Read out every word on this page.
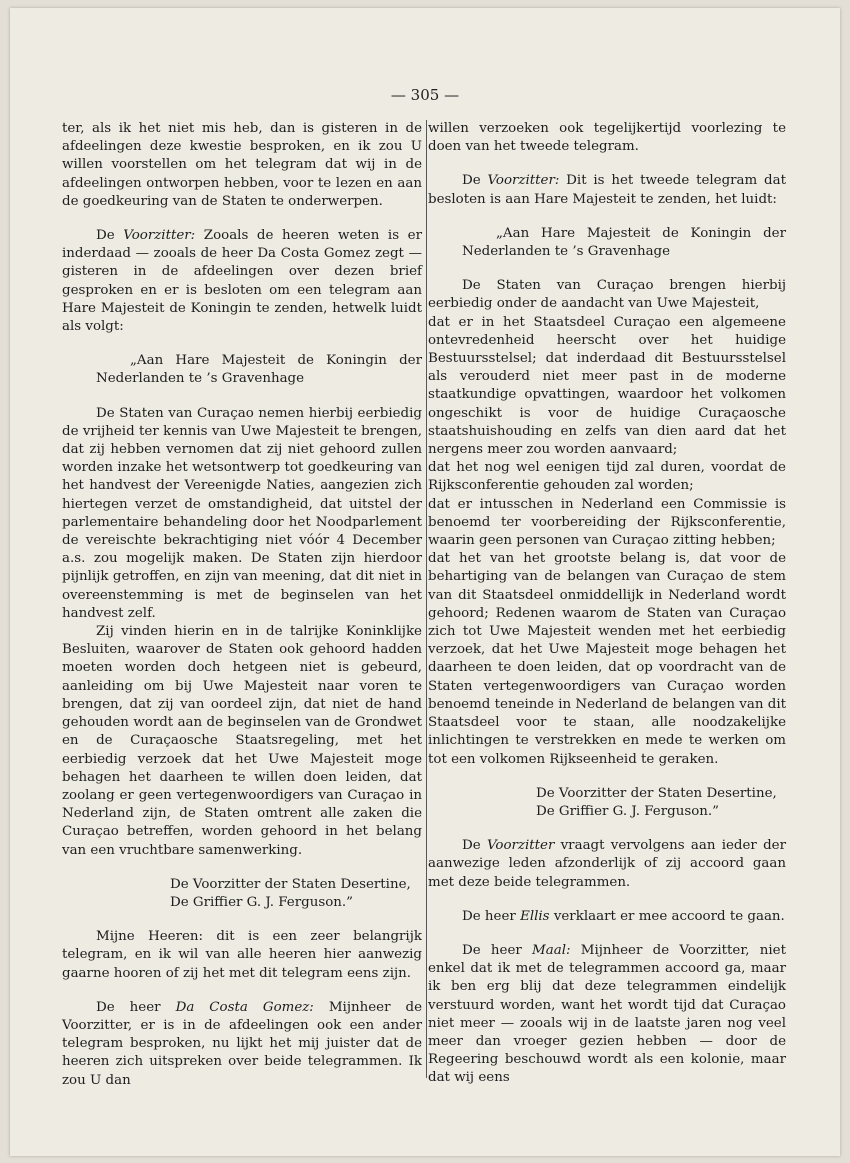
— 305 —

ter, als ik het niet mis heb, dan is gisteren in de afdeelingen deze kwestie besproken, en ik zou U willen voorstellen om het telegram dat wij in de afdeelingen ontworpen hebben, voor te lezen en aan de goedkeuring van de Staten te onderwerpen.

De Voorzitter: Zooals de heeren weten is er inderdaad — zooals de heer Da Costa Gomez zegt — gisteren in de afdeelingen over dezen brief gesproken en er is besloten om een telegram aan Hare Majesteit de Koningin te zenden, hetwelk luidt als volgt:

„Aan Hare Majesteit de Koningin der Nederlanden te ’s Gravenhage

De Staten van Curaçao nemen hierbij eerbiedig de vrijheid ter kennis van Uwe Majesteit te brengen, dat zij hebben vernomen dat zij niet gehoord zullen worden inzake het wetsontwerp tot goedkeuring van het handvest der Vereenigde Naties, aangezien zich hiertegen verzet de omstandigheid, dat uitstel der parlementaire behandeling door het Noodparlement de vereischte bekrachtiging niet vóór 4 December a.s. zou mogelijk maken. De Staten zijn hierdoor pijnlijk getroffen, en zijn van meening, dat dit niet in overeenstemming is met de beginselen van het handvest zelf.

Zij vinden hierin en in de talrijke Koninklijke Besluiten, waarover de Staten ook gehoord hadden moeten worden doch hetgeen niet is gebeurd, aanleiding om bij Uwe Majesteit naar voren te brengen, dat zij van oordeel zijn, dat niet de hand gehouden wordt aan de beginselen van de Grondwet en de Curaçaosche Staatsregeling, met het eerbiedig verzoek dat het Uwe Majesteit moge behagen het daarheen te willen doen leiden, dat zoolang er geen vertegenwoordigers van Curaçao in Nederland zijn, de Staten omtrent alle zaken die Curaçao betreffen, worden gehoord in het belang van een vruchtbare samenwerking.

De Voorzitter der Staten Desertine,
De Griffier G. J. Ferguson.”

Mijne Heeren: dit is een zeer belangrijk telegram, en ik wil van alle heeren hier aanwezig gaarne hooren of zij het met dit telegram eens zijn.

De heer Da Costa Gomez: Mijnheer de Voorzitter, er is in de afdeelingen ook een ander telegram besproken, nu lijkt het mij juister dat de heeren zich uitspreken over beide telegrammen. Ik zou U dan

willen verzoeken ook tegelijkertijd voorlezing te doen van het tweede telegram.

De Voorzitter: Dit is het tweede telegram dat besloten is aan Hare Majesteit te zenden, het luidt:

„Aan Hare Majesteit de Koningin der Nederlanden te ’s Gravenhage

De Staten van Curaçao brengen hierbij eerbiedig onder de aandacht van Uwe Majesteit,

dat er in het Staatsdeel Curaçao een algemeene ontevredenheid heerscht over het huidige Bestuursstelsel; dat inderdaad dit Bestuursstelsel als verouderd niet meer past in de moderne staatkundige opvattingen, waardoor het volkomen ongeschikt is voor de huidige Curaçaosche staatshuishouding en zelfs van dien aard dat het nergens meer zou worden aanvaard;

dat het nog wel eenigen tijd zal duren, voordat de Rijksconferentie gehouden zal worden;

dat er intusschen in Nederland een Commissie is benoemd ter voorbereiding der Rijksconferentie, waarin geen personen van Curaçao zitting hebben;

dat het van het grootste belang is, dat voor de behartiging van de belangen van Curaçao de stem van dit Staatsdeel onmiddellijk in Nederland wordt gehoord; Redenen waarom de Staten van Curaçao zich tot Uwe Majesteit wenden met het eerbiedig verzoek, dat het Uwe Majesteit moge behagen het daarheen te doen leiden, dat op voordracht van de Staten vertegenwoordigers van Curaçao worden benoemd teneinde in Nederland de belangen van dit Staatsdeel voor te staan, alle noodzakelijke inlichtingen te verstrekken en mede te werken om tot een volkomen Rijkseenheid te geraken.

De Voorzitter der Staten Desertine,
De Griffier G. J. Ferguson.”

De Voorzitter vraagt vervolgens aan ieder der aanwezige leden afzonderlijk of zij accoord gaan met deze beide telegrammen.

De heer Ellis verklaart er mee accoord te gaan.

De heer Maal: Mijnheer de Voorzitter, niet enkel dat ik met de telegrammen accoord ga, maar ik ben erg blij dat deze telegrammen eindelijk verstuurd worden, want het wordt tijd dat Curaçao niet meer — zooals wij in de laatste jaren nog veel meer dan vroeger gezien hebben — door de Regeering beschouwd wordt als een kolonie, maar dat wij eens
